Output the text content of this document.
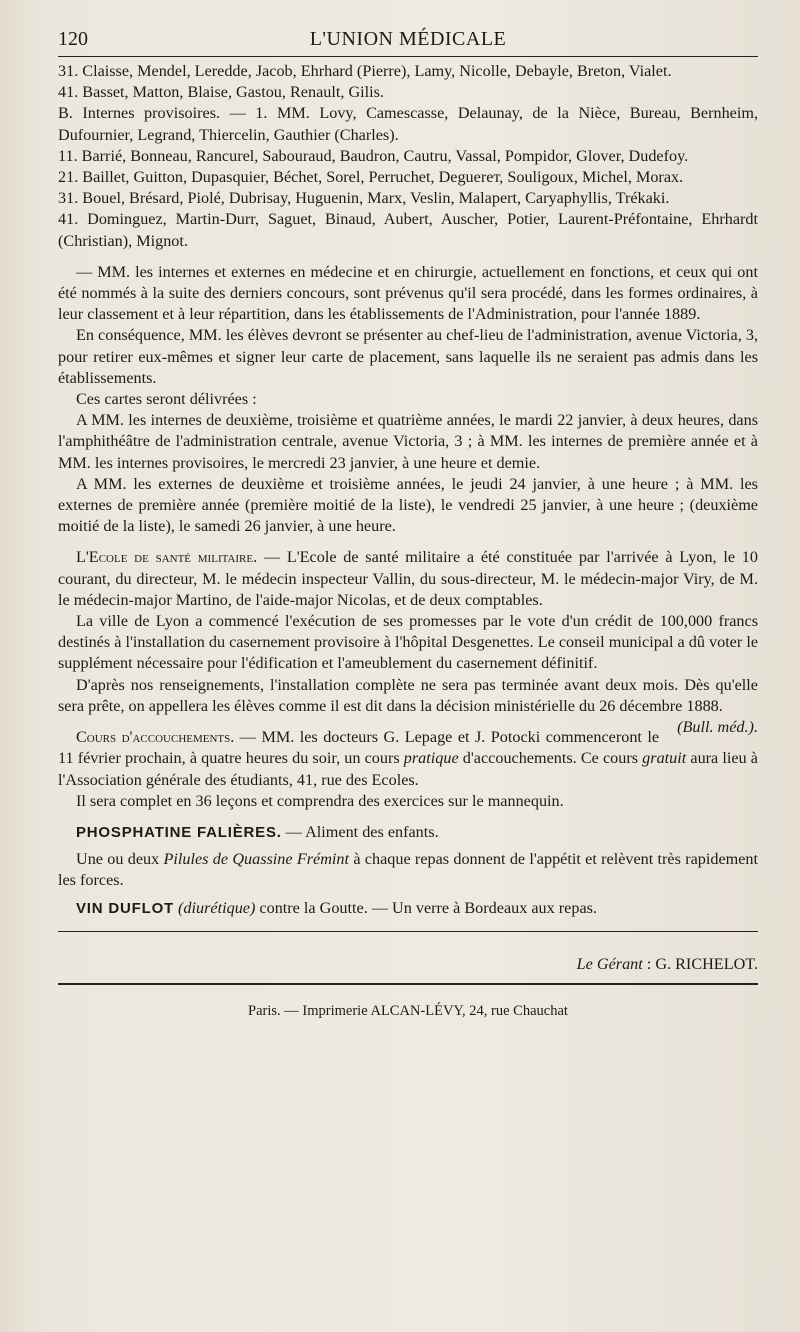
120	L'UNION MÉDICALE

31. Claisse, Mendel, Leredde, Jacob, Ehrhard (Pierre), Lamy, Nicolle, Debayle, Breton, Vialet.

41. Basset, Matton, Blaise, Gastou, Renault, Gilis.

B. Internes provisoires. — 1. MM. Lovy, Camescasse, Delaunay, de la Nièce, Bureau, Bernheim, Dufournier, Legrand, Thiercelin, Gauthier (Charles).

11. Barrié, Bonneau, Rancurel, Sabouraud, Baudron, Cautru, Vassal, Pompidor, Glover, Dudefoy.

21. Baillet, Guitton, Dupasquier, Béchet, Sorel, Perruchet, Deguerет, Souligoux, Michel, Morax.

31. Bouel, Brésard, Piolé, Dubrisay, Huguenin, Marx, Veslin, Malapert, Caryaphyllis, Trékaki.

41. Dominguez, Martin-Durr, Saguet, Binaud, Aubert, Auscher, Potier, Laurent-Préfontaine, Ehrhardt (Christian), Mignot.

— MM. les internes et externes en médecine et en chirurgie, actuellement en fonctions, et ceux qui ont été nommés à la suite des derniers concours, sont prévenus qu'il sera procédé, dans les formes ordinaires, à leur classement et à leur répartition, dans les établissements de l'Administration, pour l'année 1889.

En conséquence, MM. les élèves devront se présenter au chef-lieu de l'administration, avenue Victoria, 3, pour retirer eux-mêmes et signer leur carte de placement, sans laquelle ils ne seraient pas admis dans les établissements.

Ces cartes seront délivrées :

A MM. les internes de deuxième, troisième et quatrième années, le mardi 22 janvier, à deux heures, dans l'amphithéâtre de l'administration centrale, avenue Victoria, 3 ; à MM. les internes de première année et à MM. les internes provisoires, le mercredi 23 janvier, à une heure et demie.

A MM. les externes de deuxième et troisième années, le jeudi 24 janvier, à une heure ; à MM. les externes de première année (première moitié de la liste), le vendredi 25 janvier, à une heure ; (deuxième moitié de la liste), le samedi 26 janvier, à une heure.

L'Ecole de santé militaire. — L'Ecole de santé militaire a été constituée par l'arrivée à Lyon, le 10 courant, du directeur, M. le médecin inspecteur Vallin, du sous-directeur, M. le médecin-major Viry, de M. le médecin-major Martino, de l'aide-major Nicolas, et de deux comptables.

La ville de Lyon a commencé l'exécution de ses promesses par le vote d'un crédit de 100,000 francs destinés à l'installation du casernement provisoire à l'hôpital Desgenettes. Le conseil municipal a dû voter le supplément nécessaire pour l'édification et l'ameublement du casernement définitif.

D'après nos renseignements, l'installation complète ne sera pas terminée avant deux mois. Dès qu'elle sera prête, on appellera les élèves comme il est dit dans la décision ministérielle du 26 décembre 1888.
(Bull. méd.).

Cours d'accouchements. — MM. les docteurs G. Lepage et J. Potocki commenceront le 11 février prochain, à quatre heures du soir, un cours pratique d'accouchements. Ce cours gratuit aura lieu à l'Association générale des étudiants, 41, rue des Ecoles.

Il sera complet en 36 leçons et comprendra des exercices sur le mannequin.

PHOSPHATINE FALIÈRES. — Aliment des enfants.

Une ou deux Pilules de Quassine Frémint à chaque repas donnent de l'appétit et relèvent très rapidement les forces.

VIN DUFLOT (diurétique) contre la Goutte. — Un verre à Bordeaux aux repas.

Le Gérant : G. RICHELOT.
Paris. — Imprimerie ALCAN-LÉVY, 24, rue Chauchat
